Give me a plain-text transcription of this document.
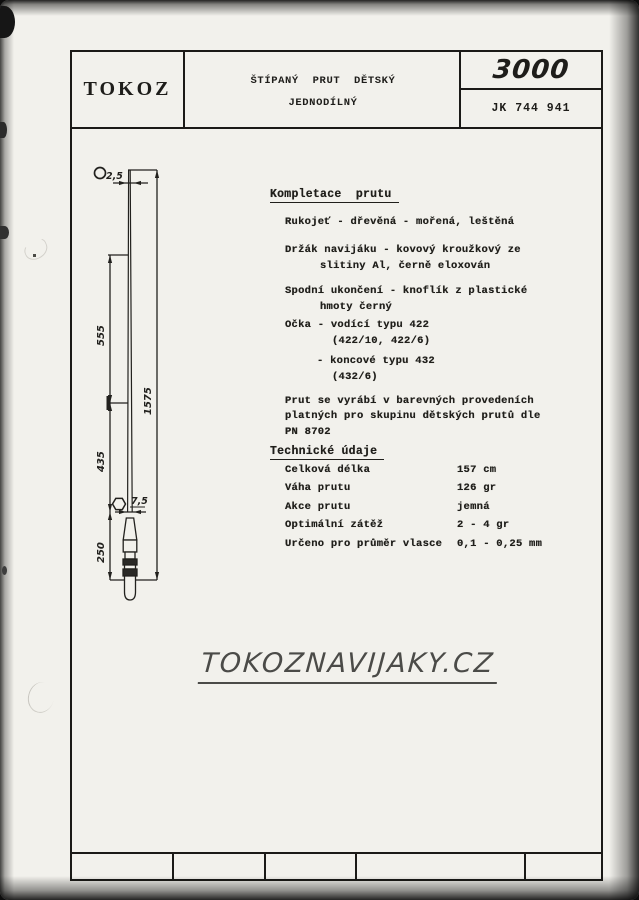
TOKOZ	ŠTÍPANÝ  PRUT  DĚTSKÝ
JEDNODÍLNÝ
3000
JK 744 941
2,5
555
1575
435
7,5
250
Kompletace  prutu
Rukojeť - dřevěná - mořená, leštěná
Držák navijáku - kovový kroužkový ze
slitiny Al, černě eloxován
Spodní ukončení - knoflík z plastické
hmoty černý
Očka - vodící typu 422
(422/10, 422/6)
- koncové typu 432
(432/6)
Prut se vyrábí v barevných provedeních
platných pro skupinu dětských prutů dle
PN 8702
Technické údaje
Celková délka	157 cm
Váha prutu	126 gr
Akce prutu	jemná
Optimální zátěž	2 - 4 gr
Určeno pro průměr vlasce 0,1 - 0,25 mm
TOKOZNAVIJAKY.CZ
